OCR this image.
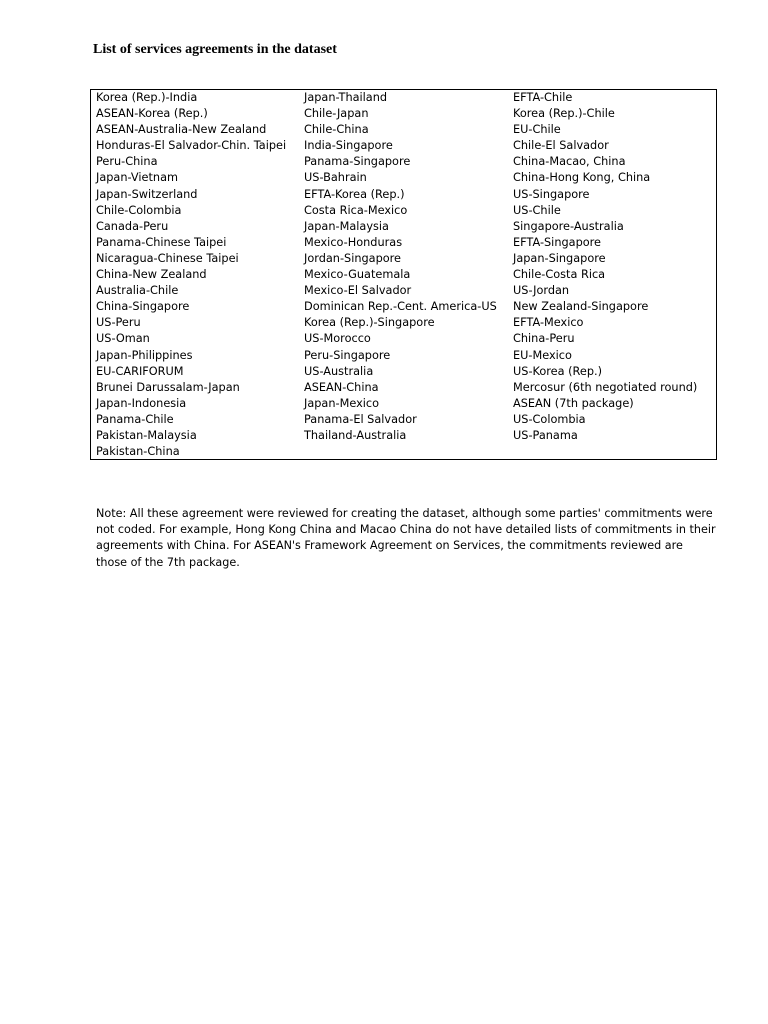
List of services agreements in the dataset
Korea (Rep.)-India
ASEAN-Korea (Rep.)
ASEAN-Australia-New Zealand
Honduras-El Salvador-Chin. Taipei
Peru-China
Japan-Vietnam
Japan-Switzerland
Chile-Colombia
Canada-Peru
Panama-Chinese Taipei
Nicaragua-Chinese Taipei
China-New Zealand
Australia-Chile
China-Singapore
US-Peru
US-Oman
Japan-Philippines
EU-CARIFORUM
Brunei Darussalam-Japan
Japan-Indonesia
Panama-Chile
Pakistan-Malaysia
Pakistan-China
Japan-Thailand
Chile-Japan
Chile-China
India-Singapore
Panama-Singapore
US-Bahrain
EFTA-Korea (Rep.)
Costa Rica-Mexico
Japan-Malaysia
Mexico-Honduras
Jordan-Singapore
Mexico-Guatemala
Mexico-El Salvador
Dominican Rep.-Cent. America-US
Korea (Rep.)-Singapore
US-Morocco
Peru-Singapore
US-Australia
ASEAN-China
Japan-Mexico
Panama-El Salvador
Thailand-Australia
EFTA-Chile
Korea (Rep.)-Chile
EU-Chile
Chile-El Salvador
China-Macao, China
China-Hong Kong, China
US-Singapore
US-Chile
Singapore-Australia
EFTA-Singapore
Japan-Singapore
Chile-Costa Rica
US-Jordan
New Zealand-Singapore
EFTA-Mexico
China-Peru
EU-Mexico
US-Korea (Rep.)
Mercosur (6th negotiated round)
ASEAN (7th package)
US-Colombia
US-Panama
Note: All these agreement were reviewed for creating the dataset, although some parties' commitments were
not coded. For example, Hong Kong China and Macao China do not have detailed lists of commitments in their
agreements with China. For ASEAN's Framework Agreement on Services, the commitments reviewed are
those of the 7th package.
